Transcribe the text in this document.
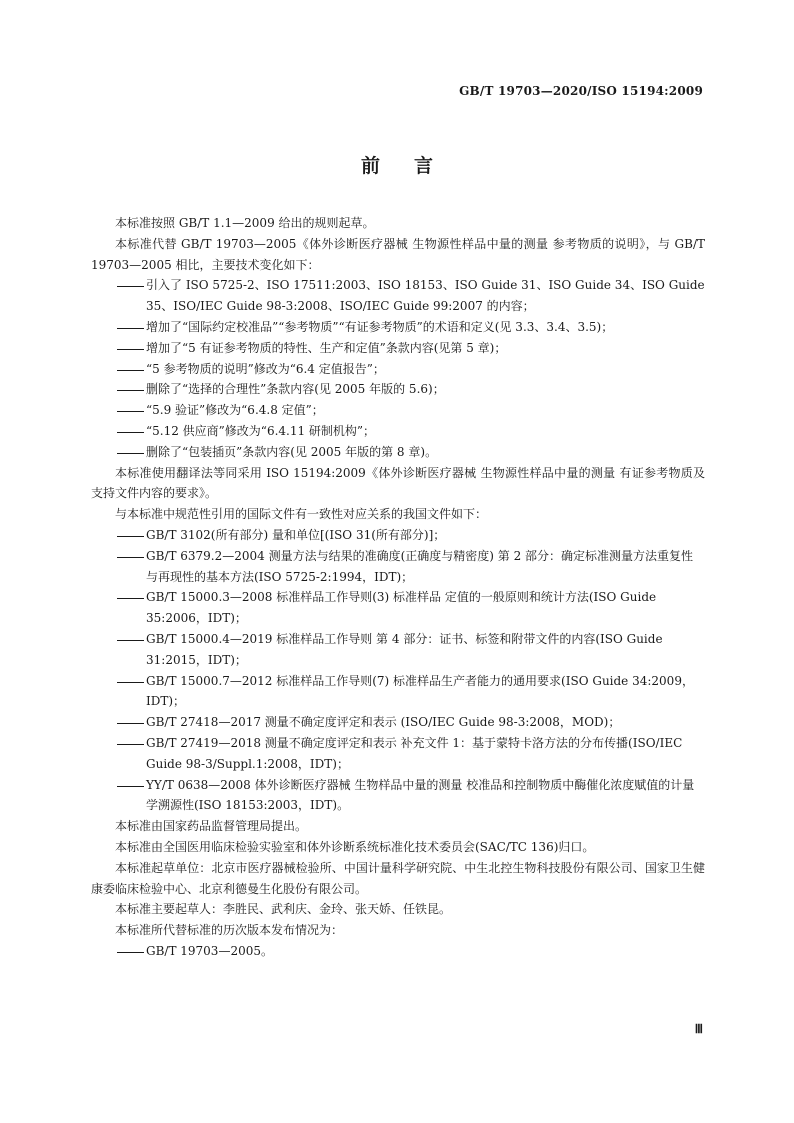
GB/T 19703—2020/ISO 15194:2009
前言
本标准按照 GB/T 1.1—2009 给出的规则起草。
本标准代替 GB/T 19703—2005《体外诊断医疗器械 生物源性样品中量的测量 参考物质的说明》，与 GB/T 19703—2005 相比，主要技术变化如下：
引入了 ISO 5725-2、ISO 17511:2003、ISO 18153、ISO Guide 31、ISO Guide 34、ISO Guide 35、ISO/IEC Guide 98-3:2008、ISO/IEC Guide 99:2007 的内容；
增加了“国际约定校准品”“参考物质”“有证参考物质”的术语和定义(见 3.3、3.4、3.5)；
增加了“5 有证参考物质的特性、生产和定值”条款内容(见第 5 章)；
“5 参考物质的说明”修改为“6.4 定值报告”；
删除了“选择的合理性”条款内容(见 2005 年版的 5.6)；
“5.9 验证”修改为“6.4.8 定值”；
“5.12 供应商”修改为“6.4.11 研制机构”；
删除了“包装插页”条款内容(见 2005 年版的第 8 章)。
本标准使用翻译法等同采用 ISO 15194:2009《体外诊断医疗器械 生物源性样品中量的测量 有证参考物质及支持文件内容的要求》。
与本标准中规范性引用的国际文件有一致性对应关系的我国文件如下：
GB/T 3102(所有部分) 量和单位[(ISO 31(所有部分)]；
GB/T 6379.2—2004 测量方法与结果的准确度(正确度与精密度) 第 2 部分：确定标准测量方法重复性与再现性的基本方法(ISO 5725-2:1994，IDT)；
GB/T 15000.3—2008 标准样品工作导则(3) 标准样品 定值的一般原则和统计方法(ISO Guide 35:2006，IDT)；
GB/T 15000.4—2019 标准样品工作导则 第 4 部分：证书、标签和附带文件的内容(ISO Guide 31:2015，IDT)；
GB/T 15000.7—2012 标准样品工作导则(7) 标准样品生产者能力的通用要求(ISO Guide 34:2009，IDT)；
GB/T 27418—2017 测量不确定度评定和表示 (ISO/IEC Guide 98-3:2008，MOD)；
GB/T 27419—2018 测量不确定度评定和表示 补充文件 1：基于蒙特卡洛方法的分布传播(ISO/IEC Guide 98-3/Suppl.1:2008，IDT)；
YY/T 0638—2008 体外诊断医疗器械 生物样品中量的测量 校准品和控制物质中酶催化浓度赋值的计量学溯源性(ISO 18153:2003，IDT)。
本标准由国家药品监督管理局提出。
本标准由全国医用临床检验实验室和体外诊断系统标准化技术委员会(SAC/TC 136)归口。
本标准起草单位：北京市医疗器械检验所、中国计量科学研究院、中生北控生物科技股份有限公司、国家卫生健康委临床检验中心、北京利德曼生化股份有限公司。
本标准主要起草人：李胜民、武利庆、金玲、张天娇、任铁昆。
本标准所代替标准的历次版本发布情况为：
GB/T 19703—2005。
Ⅲ
